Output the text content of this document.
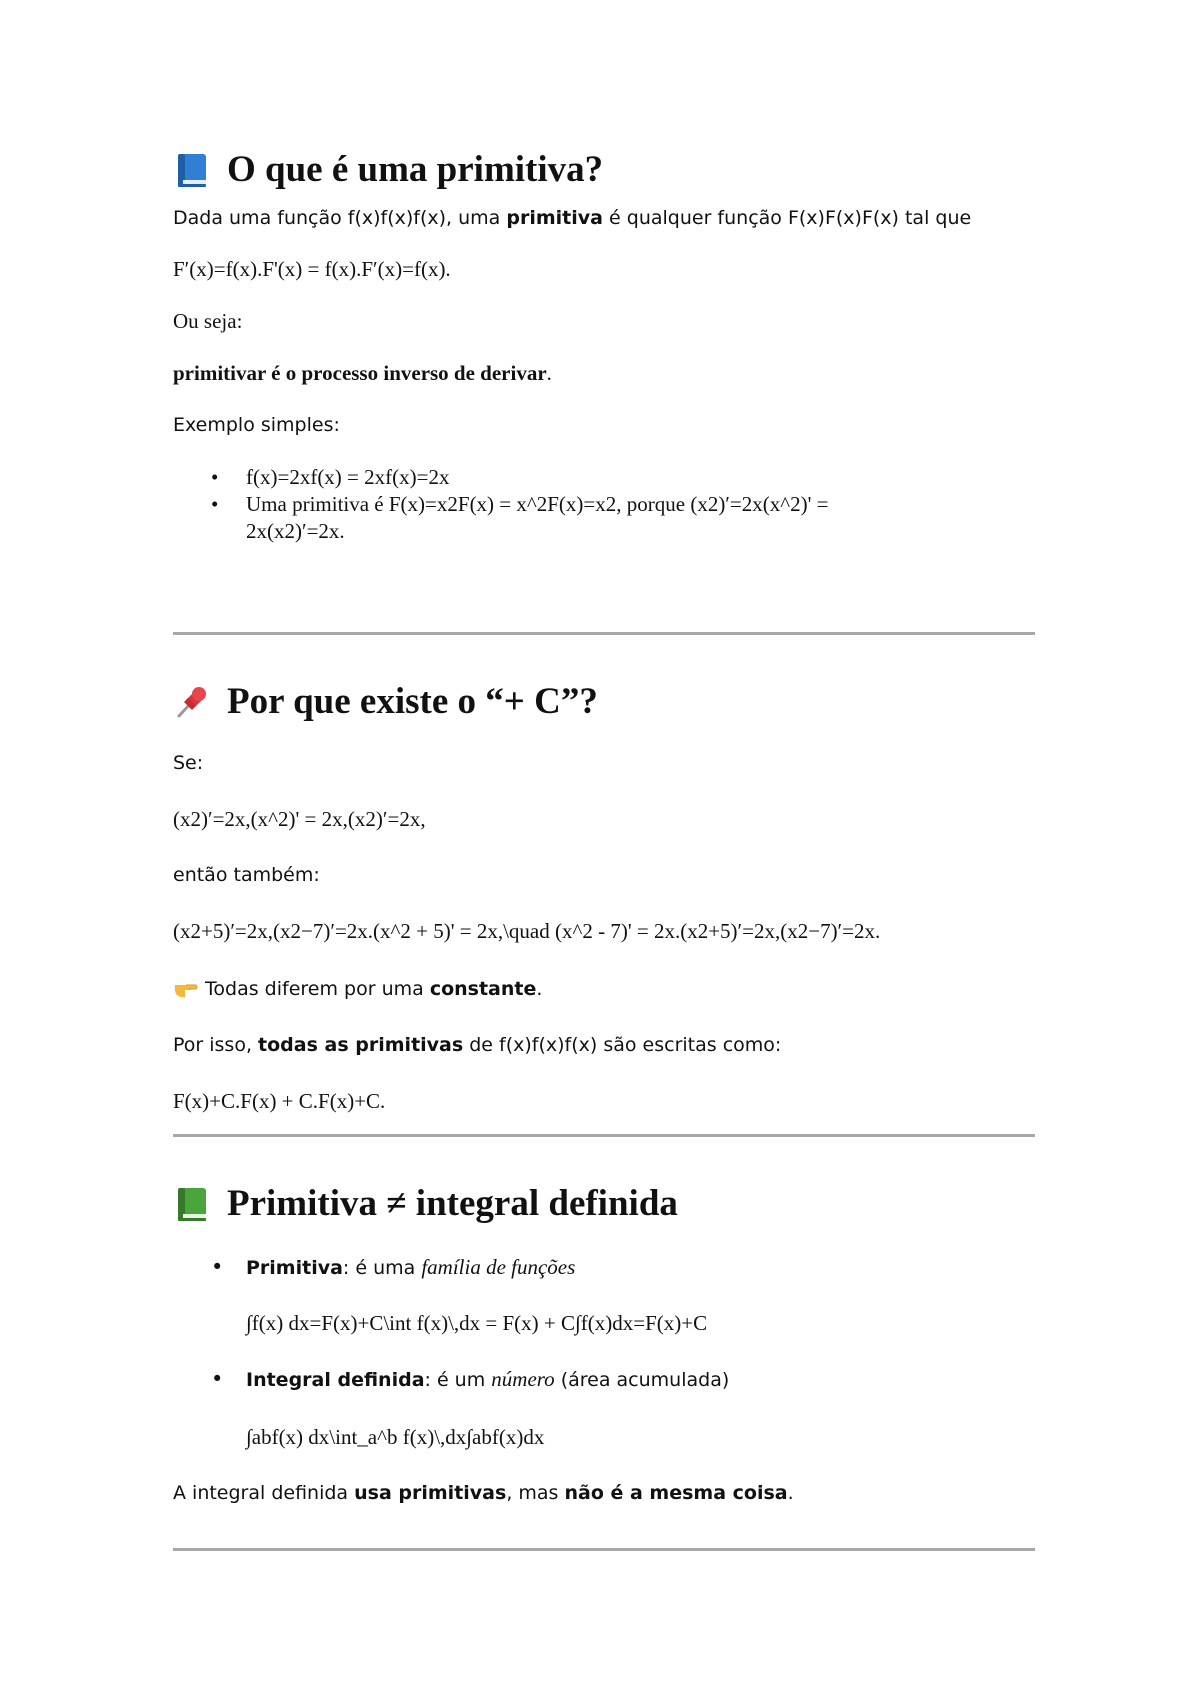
O que é uma primitiva?

Dada uma função f(x)f(x)f(x), uma primitiva é qualquer função F(x)F(x)F(x) tal que

F′(x)=f(x).F'(x) = f(x).F′(x)=f(x).

Ou seja:

primitivar é o processo inverso de derivar.

Exemplo simples:

• f(x)=2xf(x) = 2xf(x)=2x
• Uma primitiva é F(x)=x2F(x) = x^2F(x)=x2, porque (x2)′=2x(x^2)' =
2x(x2)′=2x.
Por que existe o “+ C”?

Se:

(x2)′=2x,(x^2)' = 2x,(x2)′=2x,

então também:

(x2+5)′=2x,(x2−7)′=2x.(x^2 + 5)' = 2x,\quad (x^2 - 7)' = 2x.(x2+5)′=2x,(x2−7)′=2x.

Todas diferem por uma constante.

Por isso, todas as primitivas de f(x)f(x)f(x) são escritas como:

F(x)+C.F(x) + C.F(x)+C.

Primitiva ≠ integral definida
• Primitiva: é uma família de funções

∫f(x) dx=F(x)+C\int f(x)\,dx = F(x) + C∫f(x)dx=F(x)+C

• Integral definida: é um número (área acumulada)

∫abf(x) dx\int_a^b f(x)\,dx∫abf(x)dx

A integral definida usa primitivas, mas não é a mesma coisa.
